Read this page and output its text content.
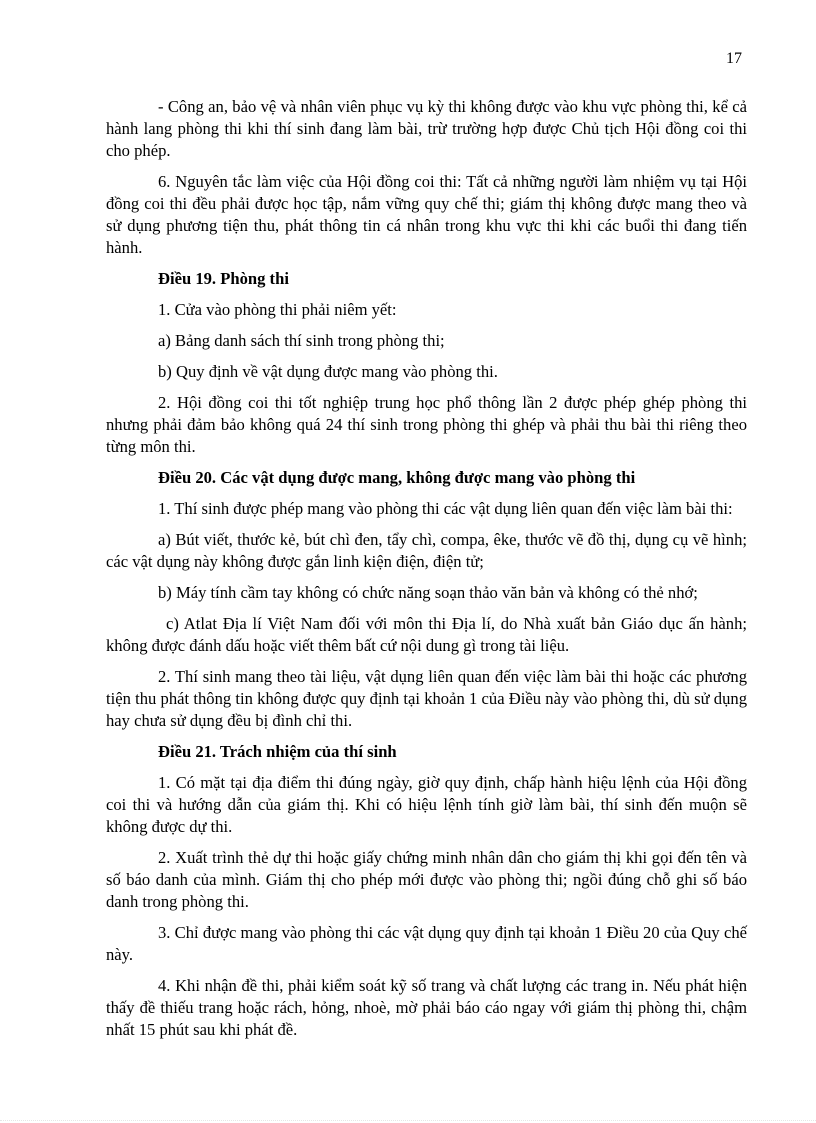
17

- Công an, bảo vệ và nhân viên phục vụ kỳ thi không được vào khu vực phòng thi, kể cả hành lang phòng thi khi thí sinh đang làm bài, trừ trường hợp được Chủ tịch Hội đồng coi thi cho phép.

6. Nguyên tắc làm việc của Hội đồng coi thi: Tất cả những người làm nhiệm vụ tại Hội đồng coi thi đều phải được học tập, nắm vững quy chế thi; giám thị không được mang theo và sử dụng phương tiện thu, phát thông tin cá nhân trong khu vực thi khi các buổi thi đang tiến hành.

Điều 19. Phòng thi

1. Cửa vào phòng thi phải niêm yết:

a) Bảng danh sách thí sinh trong phòng thi;

b) Quy định về vật dụng được mang vào phòng thi.

2. Hội đồng coi thi tốt nghiệp trung học phổ thông lần 2 được phép ghép phòng thi nhưng phải đảm bảo không quá 24 thí sinh trong phòng thi ghép và phải thu bài thi riêng theo từng môn thi.

Điều 20. Các vật dụng được mang, không được mang vào phòng thi

1. Thí sinh được phép mang vào phòng thi các vật dụng liên quan đến việc làm bài thi:

a) Bút viết, thước kẻ, bút chì đen, tẩy chì, compa, êke, thước vẽ đồ thị, dụng cụ vẽ hình; các vật dụng này không được gắn linh kiện điện, điện tử;

b) Máy tính cầm tay không có chức năng soạn thảo văn bản và không có thẻ nhớ;

c) Atlat Địa lí Việt Nam đối với môn thi Địa lí, do Nhà xuất bản Giáo dục ấn hành; không được đánh dấu hoặc viết thêm bất cứ nội dung gì trong tài liệu.

2. Thí sinh mang theo tài liệu, vật dụng liên quan đến việc làm bài thi hoặc các phương tiện thu phát thông tin không được quy định tại khoản 1 của Điều này vào phòng thi, dù sử dụng hay chưa sử dụng đều bị đình chỉ thi.

Điều 21. Trách nhiệm của thí sinh

1. Có mặt tại địa điểm thi đúng ngày, giờ quy định, chấp hành hiệu lệnh của Hội đồng coi thi và hướng dẫn của giám thị. Khi có hiệu lệnh tính giờ làm bài, thí sinh đến muộn sẽ không được dự thi.

2. Xuất trình thẻ dự thi hoặc giấy chứng minh nhân dân cho giám thị khi gọi đến tên và số báo danh của mình. Giám thị cho phép mới được vào phòng thi; ngồi đúng chỗ ghi số báo danh trong phòng thi.

3. Chỉ được mang vào phòng thi các vật dụng quy định tại khoản 1 Điều 20 của Quy chế này.

4. Khi nhận đề thi, phải kiểm soát kỹ số trang và chất lượng các trang in. Nếu phát hiện thấy đề thiếu trang hoặc rách, hỏng, nhoè, mờ phải báo cáo ngay với giám thị phòng thi, chậm nhất 15 phút sau khi phát đề.
